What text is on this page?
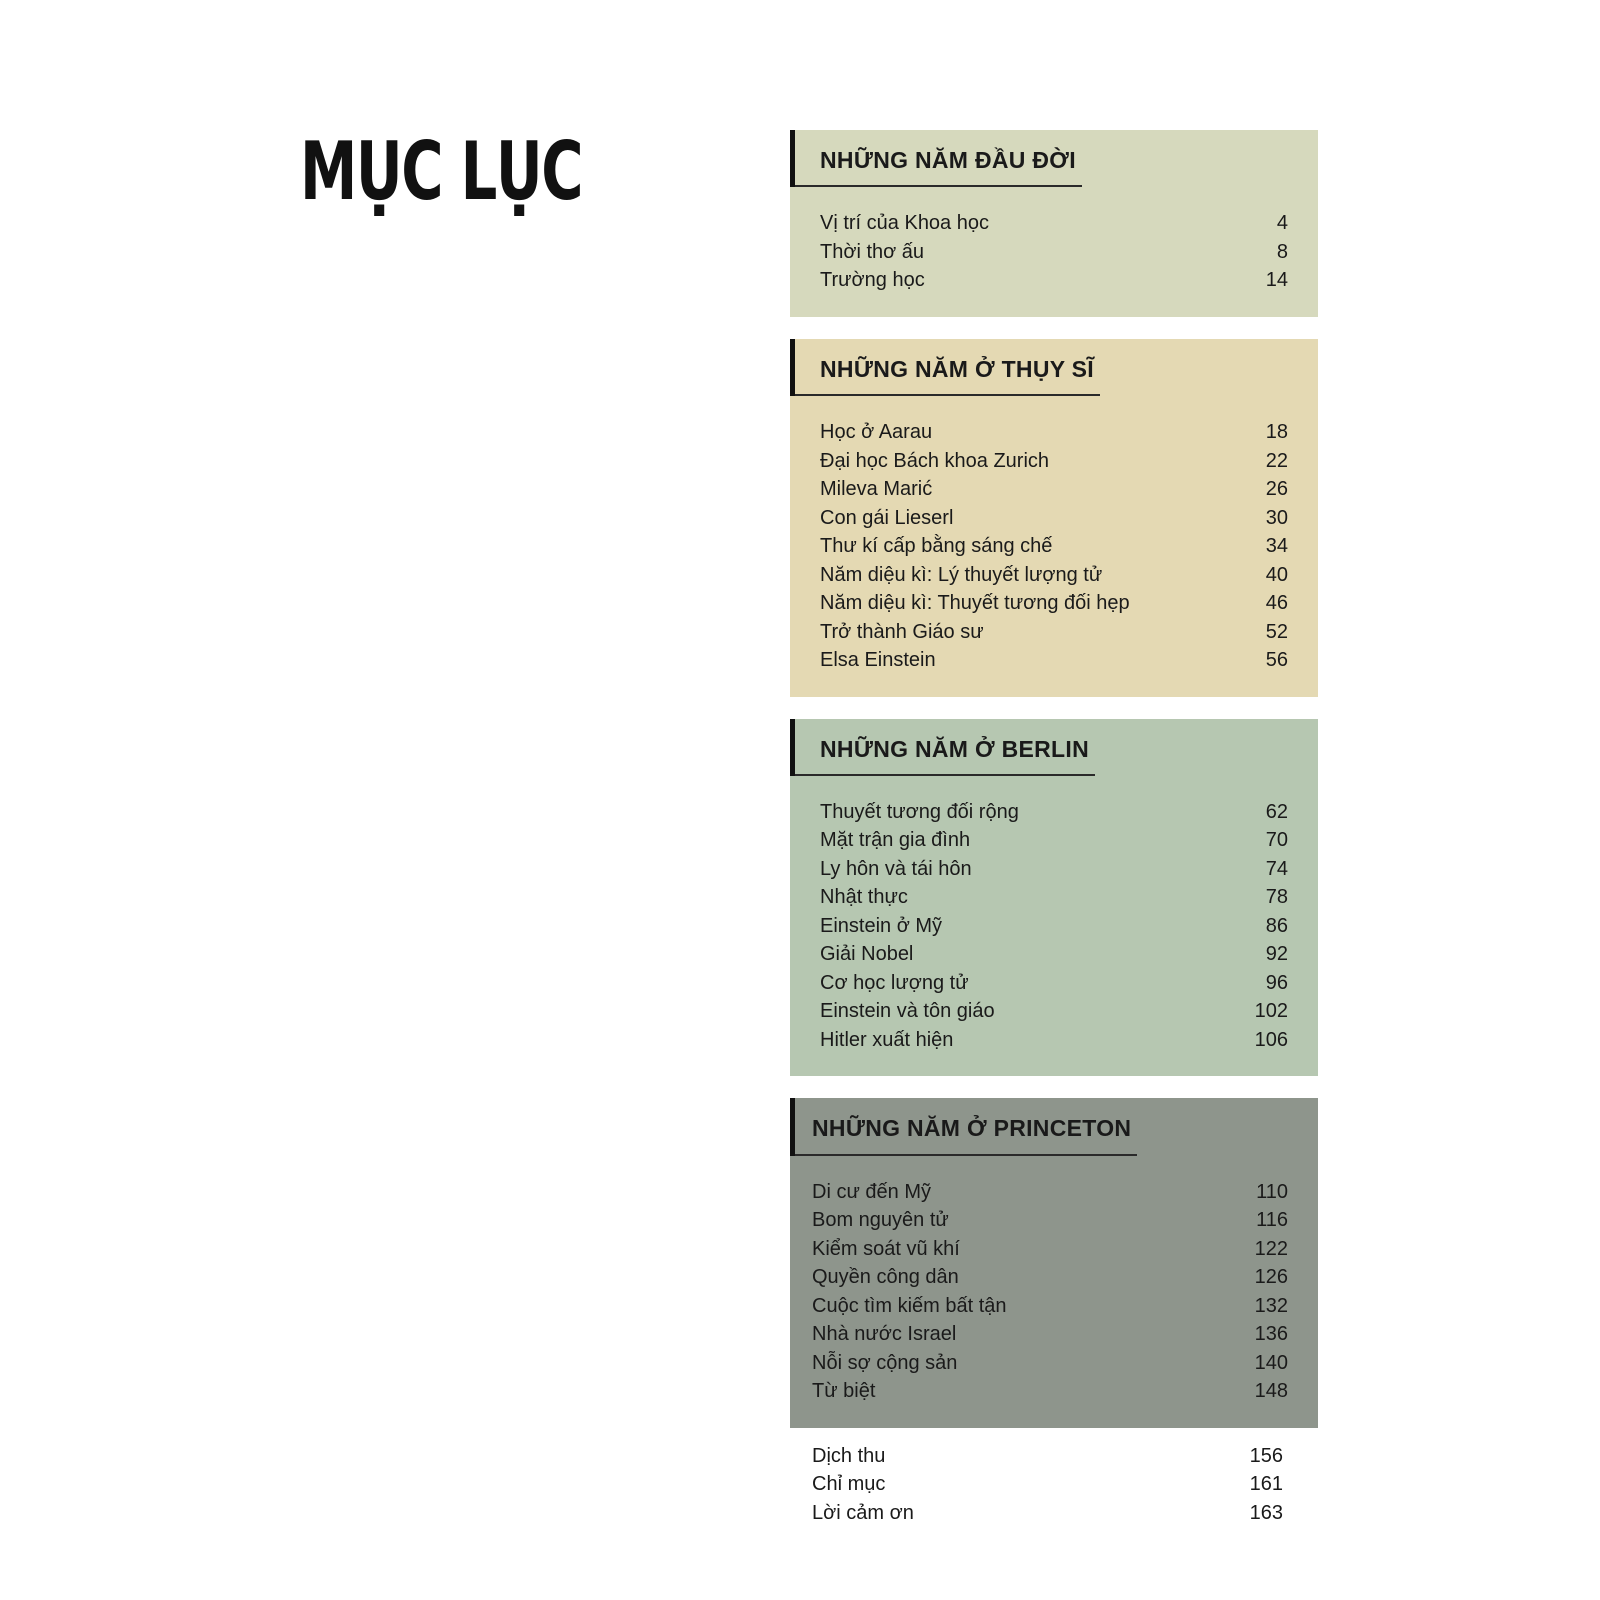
MỤC LỤC	NHỮNG NĂM ĐẦU ĐỜI
Vị trí của Khoa học	4
Thời thơ ấu	8
Trường học	14
NHỮNG NĂM Ở THỤY SĨ
Học ở Aarau	18
Đại học Bách khoa Zurich	22
Mileva Marić	26
Con gái Lieserl	30
Thư kí cấp bằng sáng chế	34
Năm diệu kì: Lý thuyết lượng tử	40
Năm diệu kì: Thuyết tương đối hẹp	46
Trở thành Giáo sư	52
Elsa Einstein	56
NHỮNG NĂM Ở BERLIN
Thuyết tương đối rộng	62
Mặt trận gia đình	70
Ly hôn và tái hôn	74
Nhật thực	78
Einstein ở Mỹ	86
Giải Nobel	92
Cơ học lượng tử	96
Einstein và tôn giáo	102
Hitler xuất hiện	106
NHỮNG NĂM Ở PRINCETON
Di cư đến Mỹ	110
Bom nguyên tử	116
Kiểm soát vũ khí	122
Quyền công dân	126
Cuộc tìm kiếm bất tận	132
Nhà nước Israel	136
Nỗi sợ cộng sản	140
Từ biệt	148
Dịch thu	156
Chỉ mục	161
Lời cảm ơn	163
